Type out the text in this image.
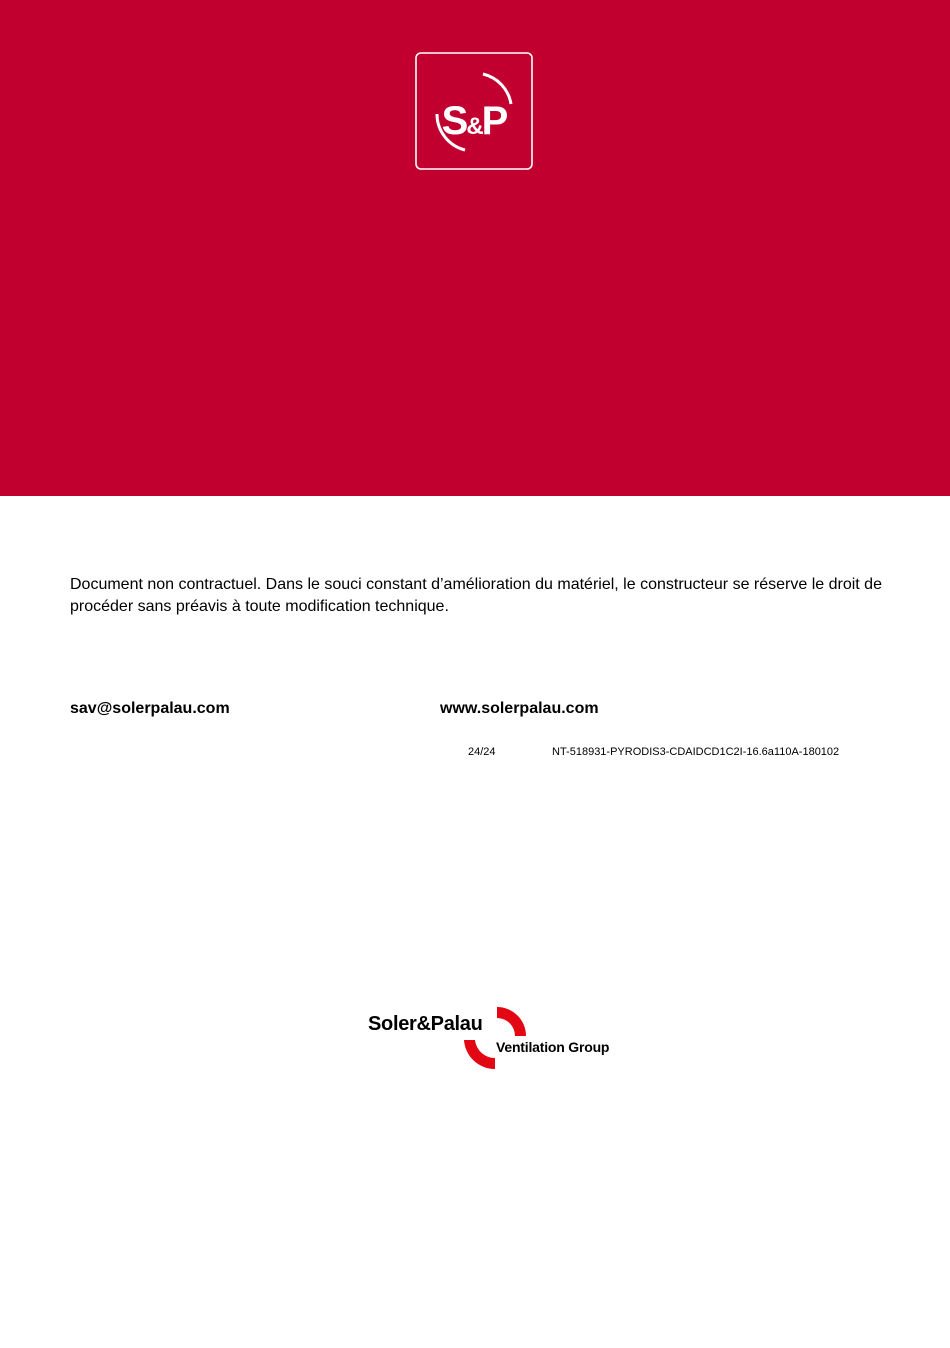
S&P

Document non contractuel. Dans le souci constant d’amélioration du matériel, le constructeur se réserve le droit de procéder sans préavis à toute modification technique.

sav@solerpalau.com	www.solerpalau.com
24/24	NT-518931-PYRODIS3-CDAIDCD1C2I-16.6a110A-180102
Soler&Palau
Ventilation Group
